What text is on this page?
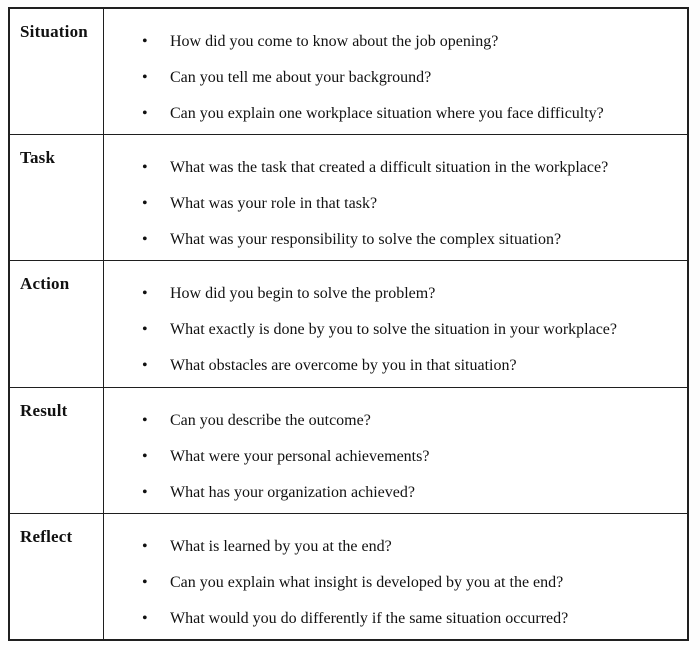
Situation
• How did you come to know about the job opening?
• Can you tell me about your background?
• Can you explain one workplace situation where you face difficulty?
Task
• What was the task that created a difficult situation in the workplace?
• What was your role in that task?
• What was your responsibility to solve the complex situation?
Action
• How did you begin to solve the problem?
• What exactly is done by you to solve the situation in your workplace?
• What obstacles are overcome by you in that situation?
Result
• Can you describe the outcome?
• What were your personal achievements?
• What has your organization achieved?
Reflect
• What is learned by you at the end?
• Can you explain what insight is developed by you at the end?
• What would you do differently if the same situation occurred?
